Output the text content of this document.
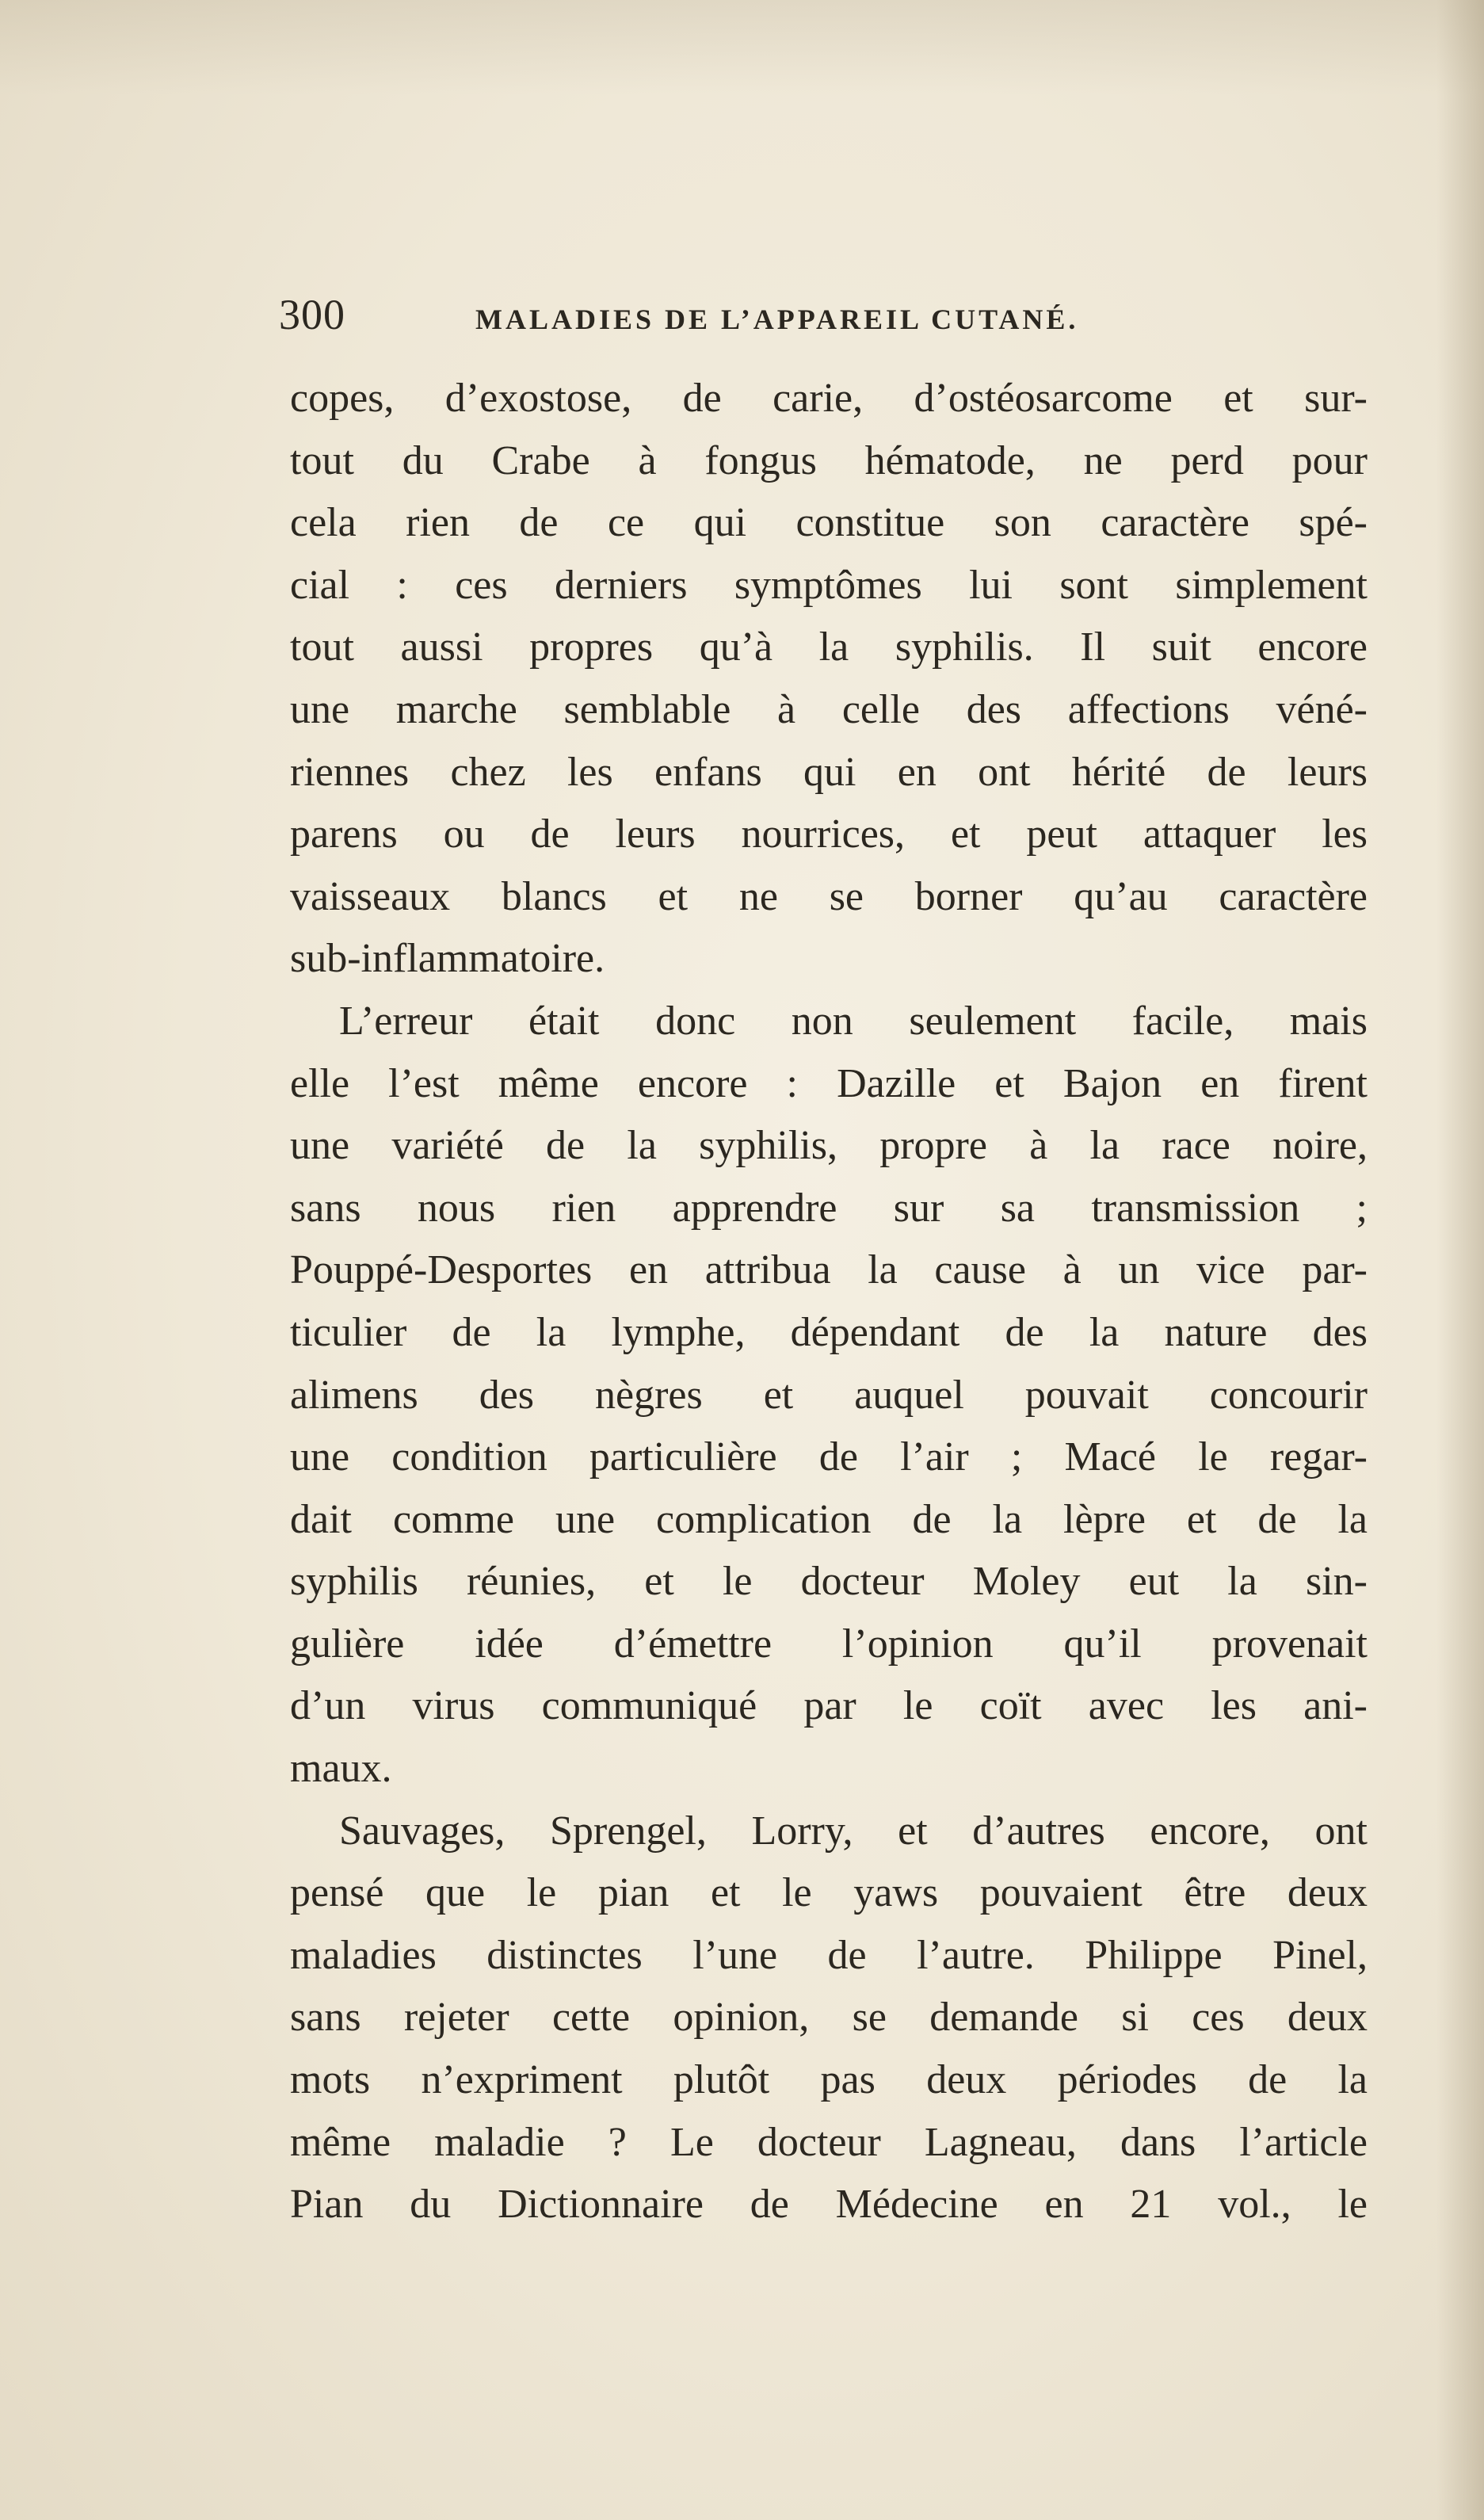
300	MALADIES DE L’APPAREIL CUTANÉ.
copes, d’exostose, de carie, d’ostéosarcome et sur-
tout du Crabe à fongus hématode, ne perd pour
cela rien de ce qui constitue son caractère spé-
cial : ces derniers symptômes lui sont simplement
tout aussi propres qu’à la syphilis. Il suit encore
une marche semblable à celle des affections véné-
riennes chez les enfans qui en ont hérité de leurs
parens ou de leurs nourrices, et peut attaquer les
vaisseaux blancs et ne se borner qu’au caractère
sub-inflammatoire.
L’erreur était donc non seulement facile, mais
elle l’est même encore : Dazille et Bajon en firent
une variété de la syphilis, propre à la race noire,
sans nous rien apprendre sur sa transmission ;
Pouppé-Desportes en attribua la cause à un vice par-
ticulier de la lymphe, dépendant de la nature des
alimens des nègres et auquel pouvait concourir
une condition particulière de l’air ; Macé le regar-
dait comme une complication de la lèpre et de la
syphilis réunies, et le docteur Moley eut la sin-
gulière idée d’émettre l’opinion qu’il provenait
d’un virus communiqué par le coït avec les ani-
maux.
Sauvages, Sprengel, Lorry, et d’autres encore, ont
pensé que le pian et le yaws pouvaient être deux
maladies distinctes l’une de l’autre. Philippe Pinel,
sans rejeter cette opinion, se demande si ces deux
mots n’expriment plutôt pas deux périodes de la
même maladie ? Le docteur Lagneau, dans l’article
Pian du Dictionnaire de Médecine en 21 vol., le
